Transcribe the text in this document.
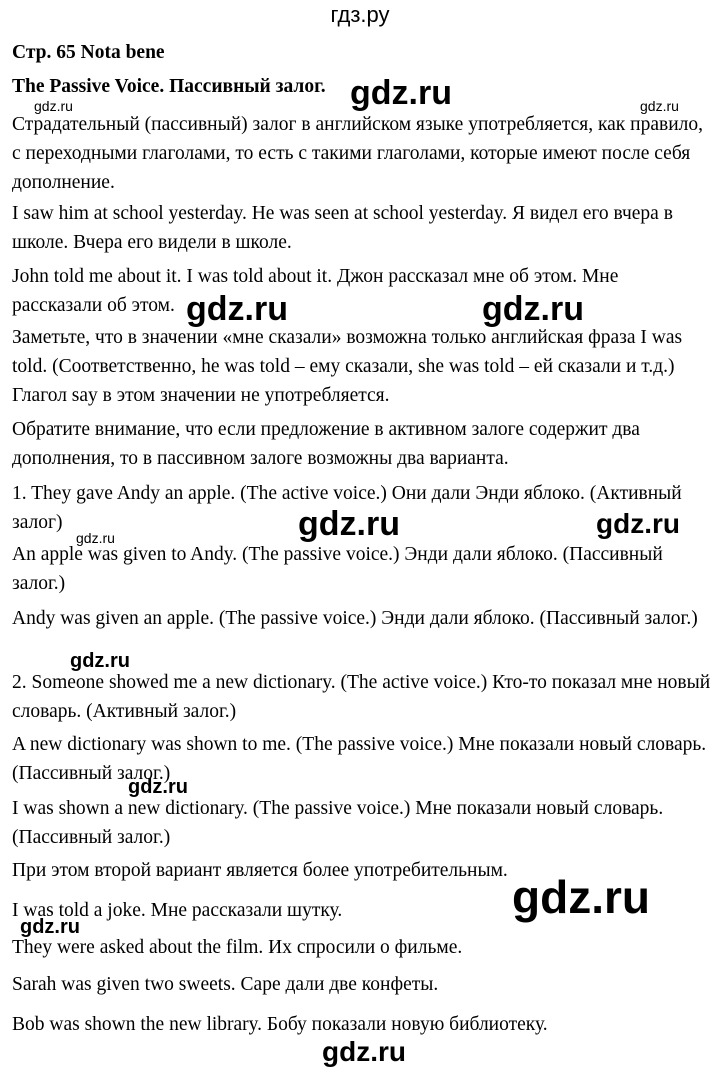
гдз.ру

Стр. 65 Nota bene

The Passive Voice. Пассивный залог.

Страдательный (пассивный) залог в английском языке употребляется, как правило, с переходными глаголами, то есть с такими глаголами, которые имеют после себя дополнение.

I saw him at school yesterday. He was seen at school yesterday. Я видел его вчера в школе. Вчера его видели в школе.

John told me about it. I was told about it. Джон рассказал мне об этом. Мне рассказали об этом.

Заметьте, что в значении «мне сказали» возможна только английская фраза I was told. (Соответственно, he was told – ему сказали, she was told – ей сказали и т.д.) Глагол say в этом значении не употребляется.

Обратите внимание, что если предложение в активном залоге содержит два дополнения, то в пассивном залоге возможны два варианта.

1. They gave Andy an apple. (The active voice.) Они дали Энди яблоко. (Активный залог)

An apple was given to Andy. (The passive voice.) Энди дали яблоко. (Пассивный залог.)

Andy was given an apple. (The passive voice.) Энди дали яблоко. (Пассивный залог.)

2. Someone showed me a new dictionary. (The active voice.) Кто-то показал мне новый словарь. (Активный залог.)

A new dictionary was shown to me. (The passive voice.) Мне показали новый словарь. (Пассивный залог.)

I was shown a new dictionary. (The passive voice.) Мне показали новый словарь. (Пассивный залог.)

При этом второй вариант является более употребительным.

I was told a joke. Мне рассказали шутку.

They were asked about the film. Их спросили о фильме.

Sarah was given two sweets. Саре дали две конфеты.

Bob was shown the new library. Бобу показали новую библиотеку.

gdz.ru
gdz.ru	gdz.ru
gdz.ru	gdz.ru
gdz.ru	gdz.ru
gdz.ru
gdz.ru
gdz.ru
gdz.ru
gdz.ru
gdz.ru
